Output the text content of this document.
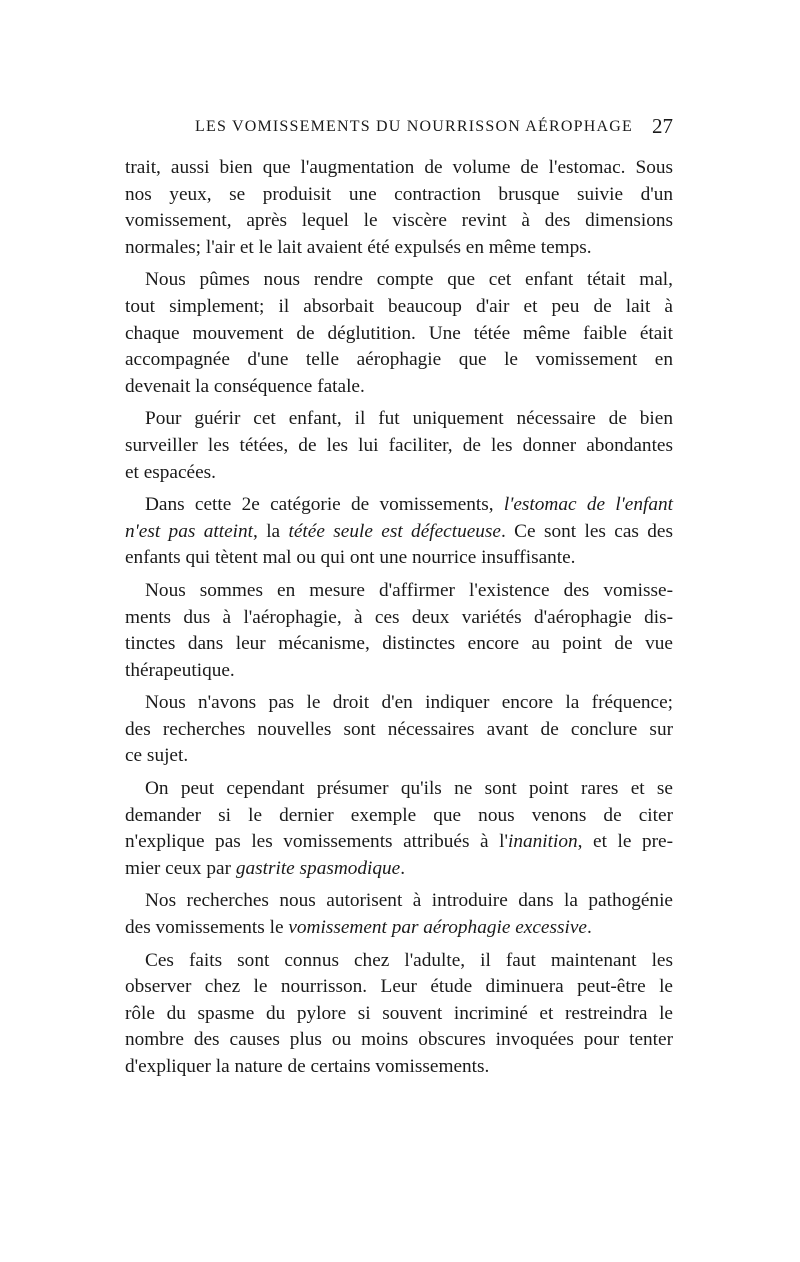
LES VOMISSEMENTS DU NOURRISSON AÉROPHAGE 27

trait, aussi bien que l'augmentation de volume de l'estomac. Sous
nos yeux, se produisit une contraction brusque suivie d'un
vomissement, après lequel le viscère revint à des dimensions
normales; l'air et le lait avaient été expulsés en même temps.

Nous pûmes nous rendre compte que cet enfant tétait mal,
tout simplement; il absorbait beaucoup d'air et peu de lait à
chaque mouvement de déglutition. Une tétée même faible était
accompagnée d'une telle aérophagie que le vomissement en
devenait la conséquence fatale.

Pour guérir cet enfant, il fut uniquement nécessaire de bien
surveiller les tétées, de les lui faciliter, de les donner abondantes
et espacées.

Dans cette 2e catégorie de vomissements, l'estomac de l'enfant
n'est pas atteint, la tétée seule est défectueuse. Ce sont les cas des
enfants qui tètent mal ou qui ont une nourrice insuffisante.

Nous sommes en mesure d'affirmer l'existence des vomisse-
ments dus à l'aérophagie, à ces deux variétés d'aérophagie dis-
tinctes dans leur mécanisme, distinctes encore au point de vue
thérapeutique.

Nous n'avons pas le droit d'en indiquer encore la fréquence;
des recherches nouvelles sont nécessaires avant de conclure sur
ce sujet.

On peut cependant présumer qu'ils ne sont point rares et se
demander si le dernier exemple que nous venons de citer
n'explique pas les vomissements attribués à l'inanition, et le pre-
mier ceux par gastrite spasmodique.

Nos recherches nous autorisent à introduire dans la pathogénie
des vomissements le vomissement par aérophagie excessive.

Ces faits sont connus chez l'adulte, il faut maintenant les
observer chez le nourrisson. Leur étude diminuera peut-être le
rôle du spasme du pylore si souvent incriminé et restreindra le
nombre des causes plus ou moins obscures invoquées pour tenter
d'expliquer la nature de certains vomissements.
